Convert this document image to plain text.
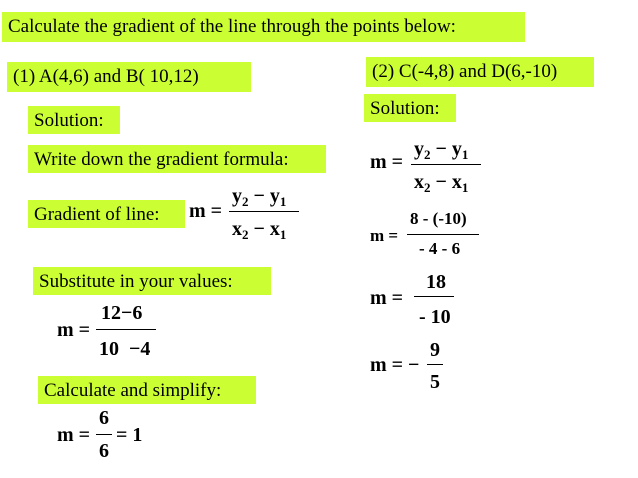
Calculate the gradient of the line through the points below:
(1) A(4,6) and B( 10,12)
Solution:
Write down the gradient formula:
Gradient of line:	m =
$y_2 - y_1$
$x_2 - x_1$
Substitute in your values:
m =
12−6
10  −4
Calculate and simplify:
m =
6
6
= 1
(2) C(-4,8) and D(6,-10)
Solution:
m =
$y_2 - y_1$
$x_2 - x_1$
m =
8 - (-10)
- 4 - 6
m =
18
- 10
m = −
9
5
